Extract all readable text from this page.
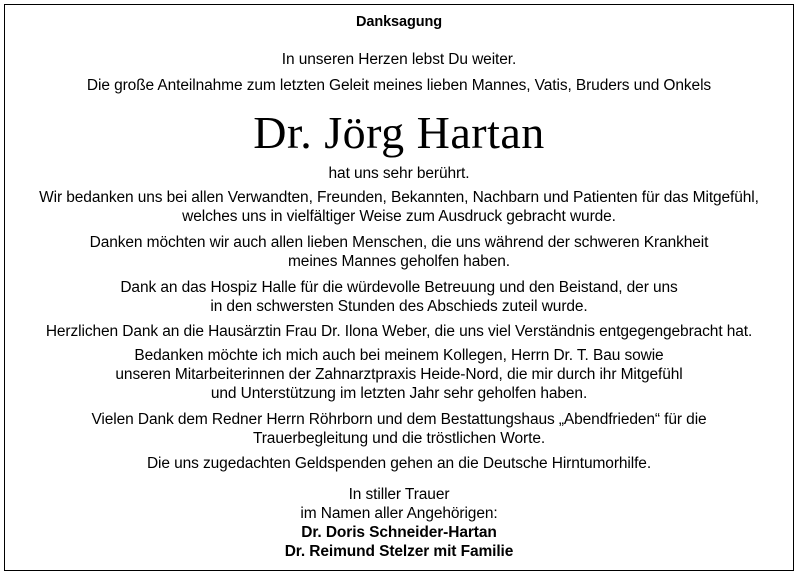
Danksagung
In unseren Herzen lebst Du weiter.
Die große Anteilnahme zum letzten Geleit meines lieben Mannes, Vatis, Bruders und Onkels
Dr. Jörg Hartan
hat uns sehr berührt.
Wir bedanken uns bei allen Verwandten, Freunden, Bekannten, Nachbarn und Patienten für das Mitgefühl,
welches uns in vielfältiger Weise zum Ausdruck gebracht wurde.
Danken möchten wir auch allen lieben Menschen, die uns während der schweren Krankheit
meines Mannes geholfen haben.
Dank an das Hospiz Halle für die würdevolle Betreuung und den Beistand, der uns
in den schwersten Stunden des Abschieds zuteil wurde.
Herzlichen Dank an die Hausärztin Frau Dr. Ilona Weber, die uns viel Verständnis entgegengebracht hat.
Bedanken möchte ich mich auch bei meinem Kollegen, Herrn Dr. T. Bau sowie
unseren Mitarbeiterinnen der Zahnarztpraxis Heide-Nord, die mir durch ihr Mitgefühl
und Unterstützung im letzten Jahr sehr geholfen haben.
Vielen Dank dem Redner Herrn Röhrborn und dem Bestattungshaus „Abendfrieden“ für die
Trauerbegleitung und die tröstlichen Worte.
Die uns zugedachten Geldspenden gehen an die Deutsche Hirntumorhilfe.
In stiller Trauer
im Namen aller Angehörigen:
Dr. Doris Schneider-Hartan
Dr. Reimund Stelzer mit Familie
